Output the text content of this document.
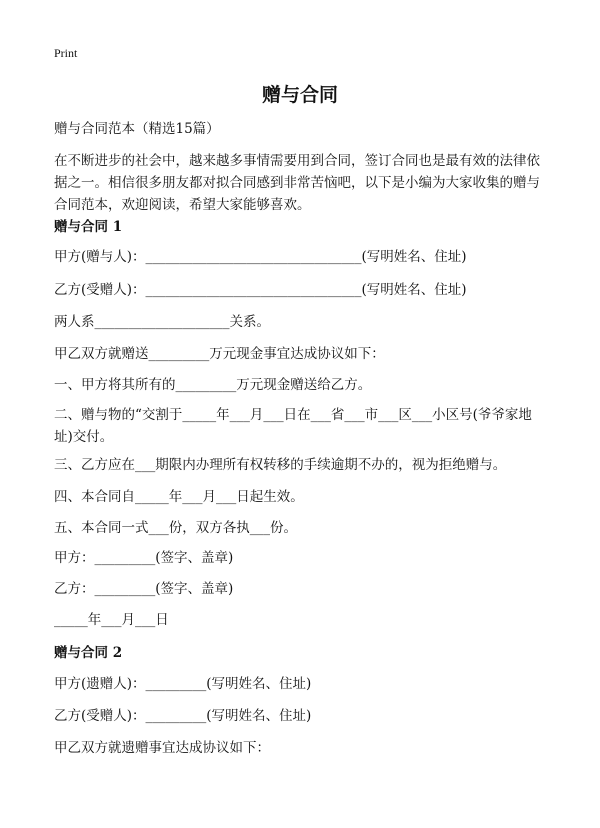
Print
赠与合同
赠与合同范本（精选15篇）
在不断进步的社会中，越来越多事情需要用到合同，签订合同也是最有效的法律依
据之一。相信很多朋友都对拟合同感到非常苦恼吧，以下是小编为大家收集的赠与
合同范本，欢迎阅读，希望大家能够喜欢。
赠与合同 1
甲方(赠与人)：________________________________(写明姓名、住址)
乙方(受赠人)：________________________________(写明姓名、住址)
两人系____________________关系。
甲乙双方就赠送_________万元现金事宜达成协议如下：
一、甲方将其所有的_________万元现金赠送给乙方。
二、赠与物的“交割于_____年___月___日在___省___市___区___小区号(爷爷家地
址)交付。
三、乙方应在___期限内办理所有权转移的手续逾期不办的，视为拒绝赠与。
四、本合同自_____年___月___日起生效。
五、本合同一式___份，双方各执___份。
甲方：_________(签字、盖章)
乙方：_________(签字、盖章)
_____年___月___日
赠与合同 2
甲方(遗赠人)：_________(写明姓名、住址)
乙方(受赠人)：_________(写明姓名、住址)
甲乙双方就遗赠事宜达成协议如下：
